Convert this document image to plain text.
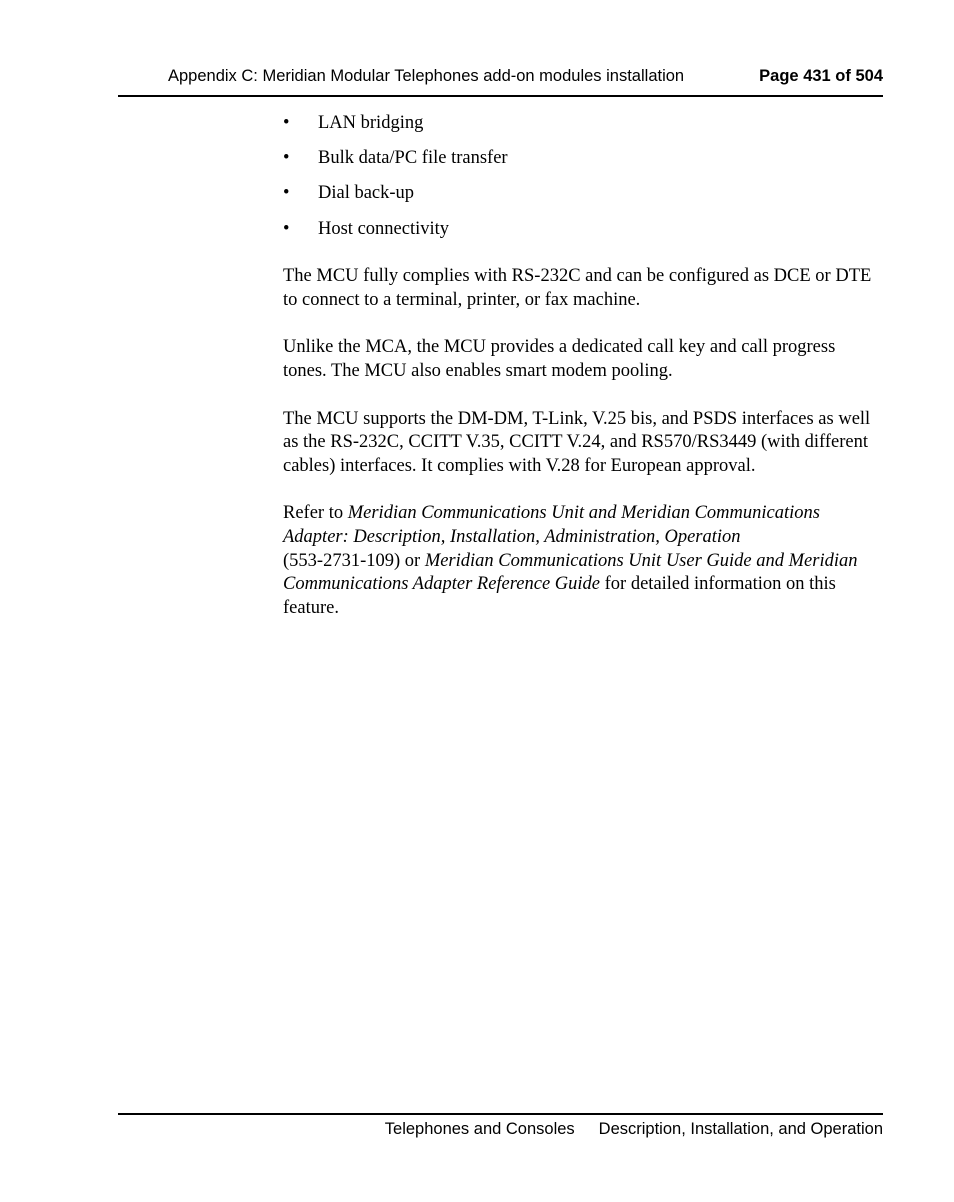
Appendix C: Meridian Modular Telephones add-on modules installation	Page 431 of 504
• LAN bridging
• Bulk data/PC file transfer
• Dial back-up
• Host connectivity

The MCU fully complies with RS-232C and can be configured as DCE or DTE to connect to a terminal, printer, or fax machine.

Unlike the MCA, the MCU provides a dedicated call key and call progress tones. The MCU also enables smart modem pooling.

The MCU supports the DM-DM, T-Link, V.25 bis, and PSDS interfaces as well as the RS-232C, CCITT V.35, CCITT V.24, and RS570/RS3449 (with different cables) interfaces. It complies with V.28 for European approval.

Refer to Meridian Communications Unit and Meridian Communications Adapter: Description, Installation, Administration, Operation
(553-2731-109) or Meridian Communications Unit User Guide and Meridian Communications Adapter Reference Guide for detailed information on this feature.

Telephones and Consoles Description, Installation, and Operation
